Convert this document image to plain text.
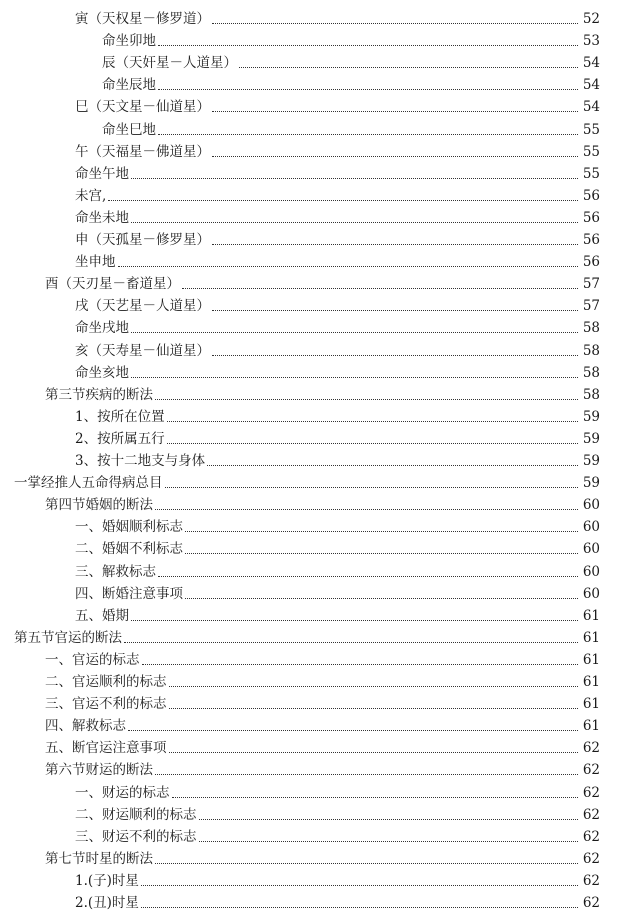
寅（天权星－修罗道）	52
命坐卯地	53
辰（天奸星－人道星）	54
命坐辰地	54
巳（天文星－仙道星）	54
命坐巳地	55
午（天福星－佛道星）	55
命坐午地	55
未宫,	56
命坐未地	56
申（天孤星－修罗星）	56
坐申地	56
酉（天刃星－畜道星）	57
戌（天艺星－人道星）	57
命坐戌地	58
亥（天寿星－仙道星）	58
命坐亥地	58
第三节疾病的断法	58
1、按所在位置	59
2、按所属五行	59
3、按十二地支与身体	59
一掌经推人五命得病总目	59
第四节婚姻的断法	60
一、婚姻顺利标志	60
二、婚姻不利标志	60
三、解救标志	60
四、断婚注意事项	60
五、婚期	61
第五节官运的断法	61
一、官运的标志	61
二、官运顺利的标志	61
三、官运不利的标志	61
四、解救标志	61
五、断官运注意事项	62
第六节财运的断法	62
一、财运的标志	62
二、财运顺利的标志	62
三、财运不利的标志	62
第七节时星的断法	62
1.(子)时星	62
2.(丑)时星	62
